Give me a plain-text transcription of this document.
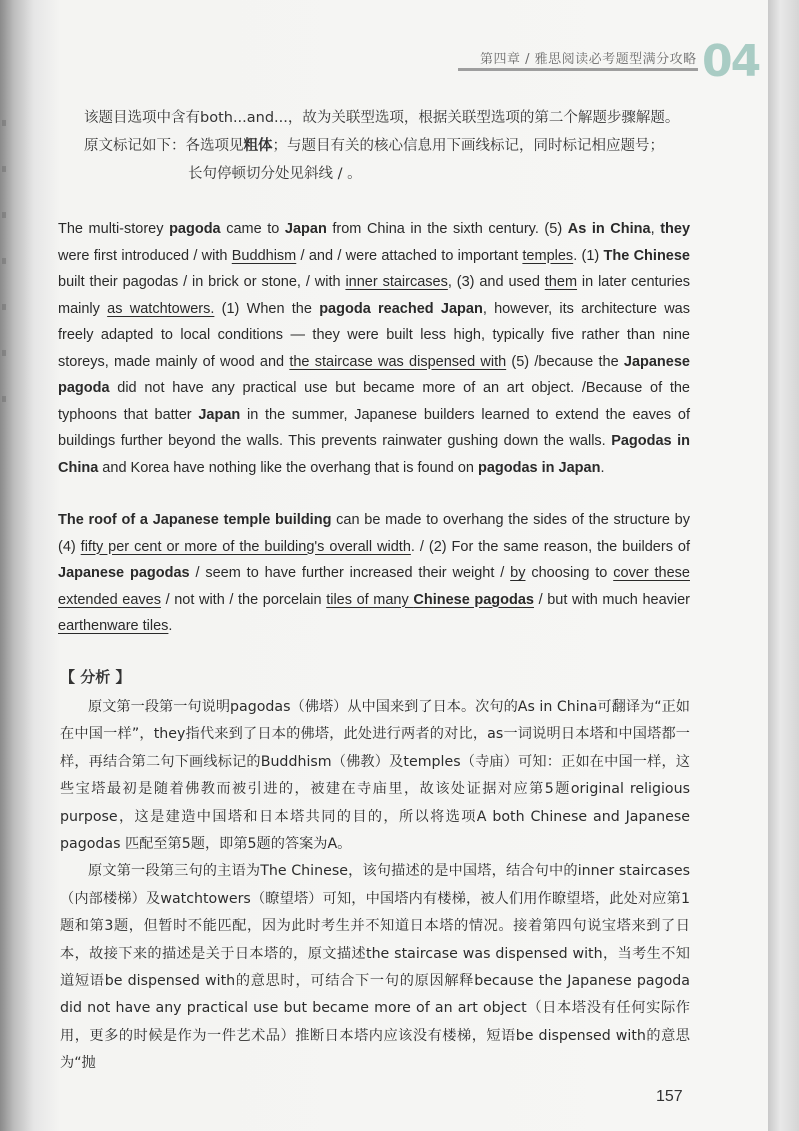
第四章 / 雅思阅读必考题型满分攻略 04

该题目选项中含有both...and...，故为关联型选项，根据关联型选项的第二个解题步骤解题。

原文标记如下：各选项见粗体；与题目有关的核心信息用下画线标记，同时标记相应题号；

长句停顿切分处见斜线 / 。

The multi-storey pagoda came to Japan from China in the sixth century. (5) As in China, they were first introduced / with Buddhism / and / were attached to important temples. (1) The Chinese built their pagodas / in brick or stone, / with inner staircases, (3) and used them in later centuries mainly as watchtowers. (1) When the pagoda reached Japan, however, its architecture was freely adapted to local conditions — they were built less high, typically five rather than nine storeys, made mainly of wood and the staircase was dispensed with (5) /because the Japanese pagoda did not have any practical use but became more of an art object. /Because of the typhoons that batter Japan in the summer, Japanese builders learned to extend the eaves of buildings further beyond the walls. This prevents rainwater gushing down the walls. Pagodas in China and Korea have nothing like the overhang that is found on pagodas in Japan.

The roof of a Japanese temple building can be made to overhang the sides of the structure by (4) fifty per cent or more of the building's overall width. / (2) For the same reason, the builders of Japanese pagodas / seem to have further increased their weight / by choosing to cover these extended eaves / not with / the porcelain tiles of many Chinese pagodas / but with much heavier earthenware tiles.

【 分析 】

原文第一段第一句说明pagodas（佛塔）从中国来到了日本。次句的As in China可翻译为“正如在中国一样”，they指代来到了日本的佛塔，此处进行两者的对比，as一词说明日本塔和中国塔都一样，再结合第二句下画线标记的Buddhism（佛教）及temples（寺庙）可知：正如在中国一样，这些宝塔最初是随着佛教而被引进的，被建在寺庙里，故该处证据对应第5题original religious purpose，这是建造中国塔和日本塔共同的目的，所以将选项A both Chinese and Japanese pagodas 匹配至第5题，即第5题的答案为A。

原文第一段第三句的主语为The Chinese，该句描述的是中国塔，结合句中的inner staircases（内部楼梯）及watchtowers（瞭望塔）可知，中国塔内有楼梯，被人们用作瞭望塔，此处对应第1题和第3题，但暂时不能匹配，因为此时考生并不知道日本塔的情况。接着第四句说宝塔来到了日本，故接下来的描述是关于日本塔的，原文描述the staircase was dispensed with，当考生不知道短语be dispensed with的意思时，可结合下一句的原因解释because the Japanese pagoda did not have any practical use but became more of an art object（日本塔没有任何实际作用，更多的时候是作为一件艺术品）推断日本塔内应该没有楼梯，短语be dispensed with的意思为“抛

157
